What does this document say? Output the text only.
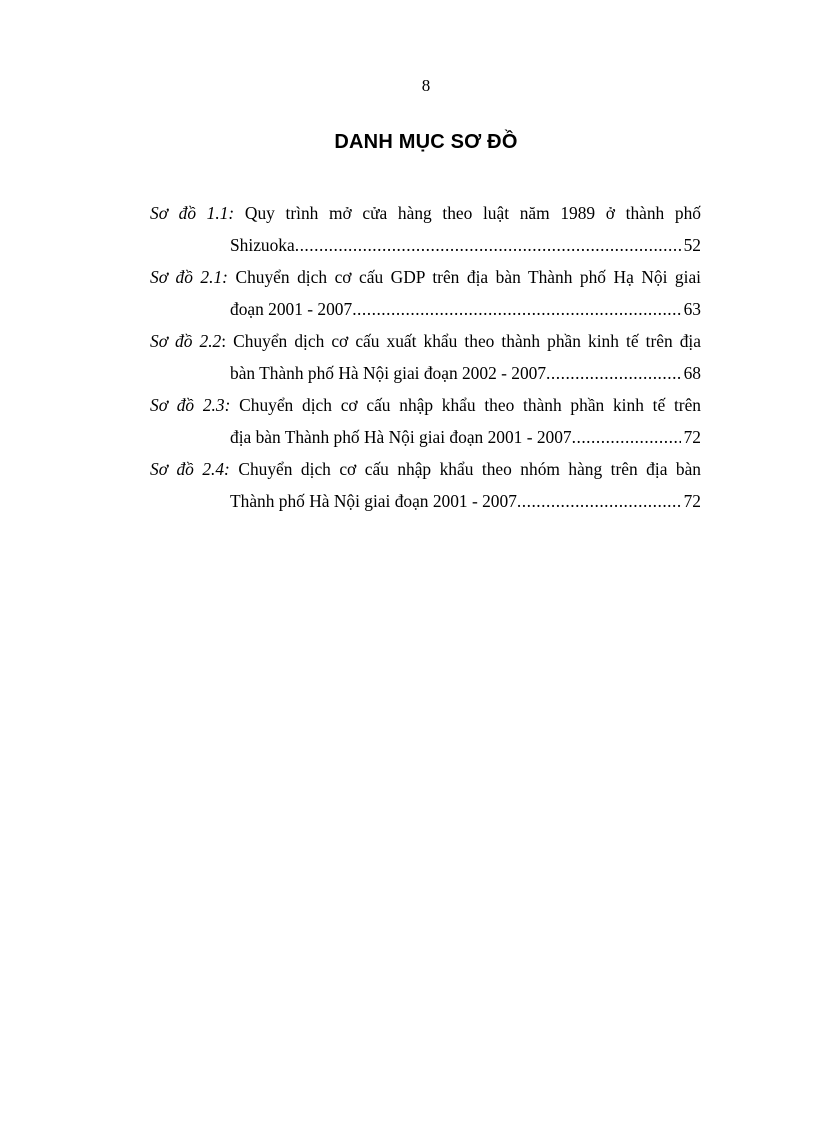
8
DANH MỤC SƠ ĐỒ
Sơ đồ 1.1: Quy trình mở cửa hàng theo luật năm 1989 ở thành phố
Shizuoka .....	52
Sơ đồ 2.1: Chuyển dịch cơ cấu GDP trên địa bàn Thành phố Hạ Nội giai
đoạn 2001 - 2007 .....	63
Sơ đồ 2.2: Chuyển dịch cơ cấu xuất khẩu theo thành phần kinh tế trên địa
bàn Thành phố Hà Nội giai đoạn 2002 - 2007 .....	68
Sơ đồ 2.3: Chuyển dịch cơ cấu nhập khẩu theo thành phần kinh tế trên
địa bàn Thành phố Hà Nội giai đoạn 2001 - 2007 .....	72
Sơ đồ 2.4: Chuyển dịch cơ cấu nhập khẩu theo nhóm hàng trên địa bàn
Thành phố Hà Nội giai đoạn 2001 - 2007 .....	72
